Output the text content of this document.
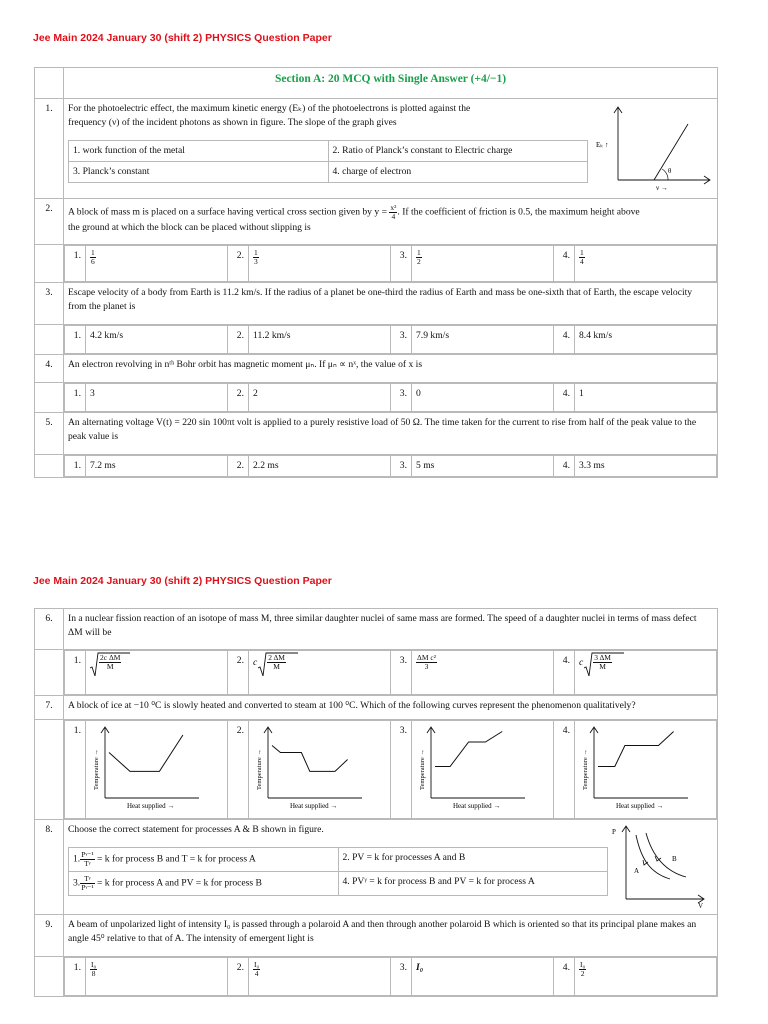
Jee Main 2024 January 30 (shift 2) PHYSICS Question Paper
	Section A: 20 MCQ with Single Answer (+4/−1)
1.	For the photoelectric effect, the maximum kinetic energy (Eₖ) of the photoelectrons is plotted against the
frequency (ν) of the incident photons as shown in figure. The slope of the graph gives
1. work function of the metal	2. Ratio of Planck’s constant to Electric charge
3. Planck’s constant	4. charge of electron	θ
Eₖ ↑
ν →

2.	A block of mass m is placed on a surface having vertical cross section given by $y = \frac{\text{x²}}{4}$ . If the coefficient of friction is 0.5, the maximum height above
the ground at which the block can be placed without slipping is

1.	$\frac{1}{6}$	2.	$\frac{1}{3}$	3.	$\frac{1}{2}$	4.	$\frac{1}{4}$

3.	Escape velocity of a body from Earth is 11.2 km/s. If the radius of a planet be one-third the radius of Earth and mass be one-sixth that of Earth, the escape velocity from the planet is

1.	4.2 km/s	2.	11.2 km/s	3.	7.9 km/s	4.	8.4 km/s

4.	An electron revolving in nᵗʰ Bohr orbit has magnetic moment μₙ. If μₙ ∝ nˣ, the value of x is

1.	3	2.	2	3.	0	4.	1

5.	An alternating voltage V(t) = 220 sin 100πt volt is applied to a purely resistive load of 50 Ω. The time taken for the current to rise from half of the peak value to the peak value is

1.	7.2 ms	2.	2.2 ms	3.	5 ms	4.	3.3 ms
Jee Main 2024 January 30 (shift 2) PHYSICS Question Paper
6.	In a nuclear fission reaction of an isotope of mass M, three similar daughter nuclei of same mass are formed. The speed of a daughter nuclei in terms of mass defect ΔM will be

1.	$\frac{\text{2c ΔM}}{M}$	2.	c $\frac{2 \Delta M}{M}$	3.	$\frac{\text{ΔM c²}}{3}$	4.	c $\frac{3 \Delta M}{M}$

7.	A block of ice at −10 ⁰C is slowly heated and converted to steam at 100 ⁰C. Which of the following curves represent the phenomenon qualitatively?

1.	
Temperature →
Heat supplied →
	2.	
Temperature →
Heat supplied →
	3.	
Temperature →
Heat supplied →
	4.	
Temperature →
Heat supplied →

8.	Choose the correct statement for processes A & B shown in figure.
1. $\frac{\text{Pᵞ⁻¹}}{\text{Tᵞ}} = k$ for process B and T = k for process A	2. PV = k for processes A and B
3. $\frac{\text{Tᵞ}}{\text{Pᵞ⁻¹}} = k$ for process A and PV = k for process B	4. PVᵞ = k for process B and PV = k for process A
P
V
A
B

9.	A beam of unpolarized light of intensity I₀ is passed through a polaroid A and then through another polaroid B which is oriented so that its principal plane makes an angle 45⁰ relative to that of A. The intensity of emergent light is

1.	$\frac{\text{I₀}}{8}$	2.	$\frac{\text{I₀}}{4}$	3.	I₀	4.	$\frac{\text{I₀}}{2}$
